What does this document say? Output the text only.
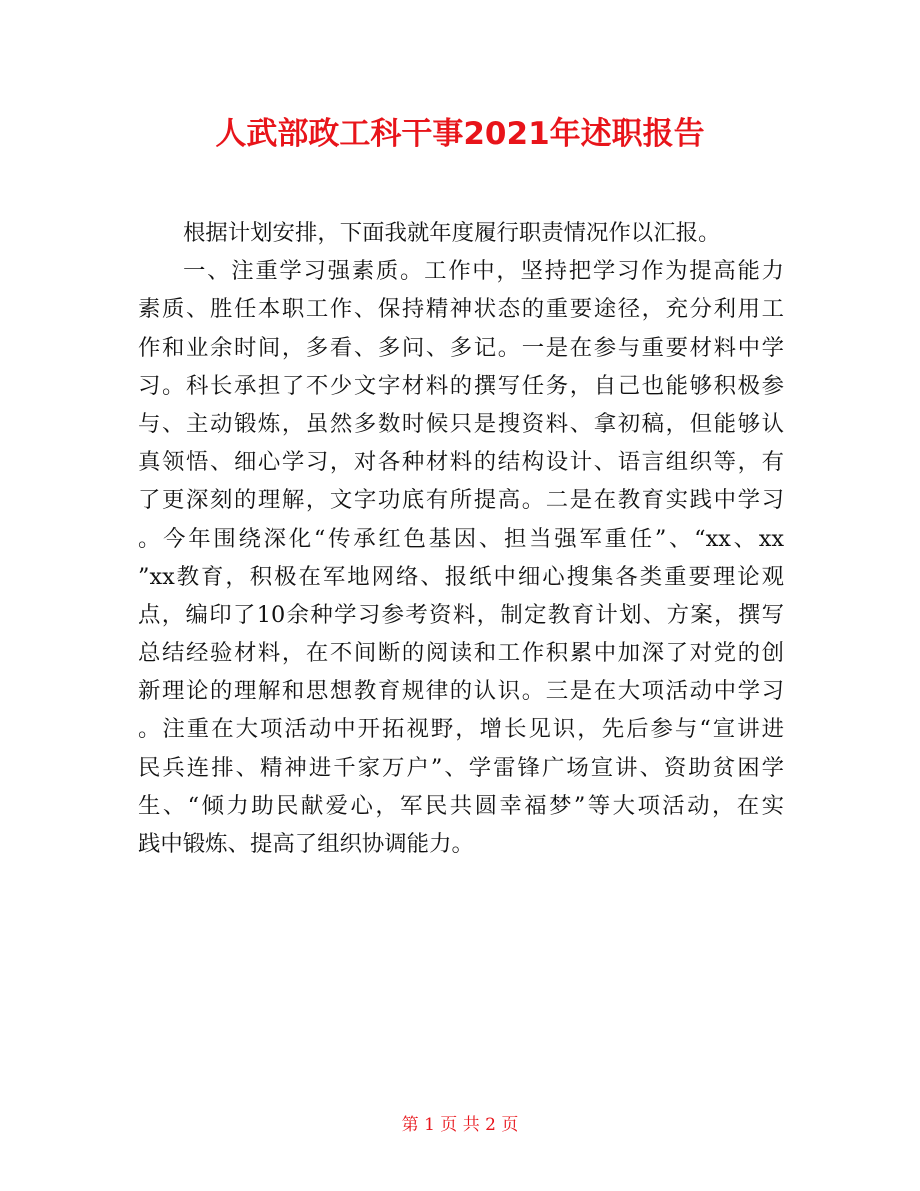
人武部政工科干事2021年述职报告
根据计划安排，下面我就年度履行职责情况作以汇报。
一、注重学习强素质。工作中，坚持把学习作为提高能力
素质、胜任本职工作、保持精神状态的重要途径，充分利用工
作和业余时间，多看、多问、多记。一是在参与重要材料中学
习。科长承担了不少文字材料的撰写任务，自己也能够积极参
与、主动锻炼，虽然多数时候只是搜资料、拿初稿，但能够认
真领悟、细心学习，对各种材料的结构设计、语言组织等，有
了更深刻的理解，文字功底有所提高。二是在教育实践中学习
。今年围绕深化“传承红色基因、担当强军重任”、“xx、xx
”xx教育，积极在军地网络、报纸中细心搜集各类重要理论观
点，编印了10余种学习参考资料，制定教育计划、方案，撰写
总结经验材料，在不间断的阅读和工作积累中加深了对党的创
新理论的理解和思想教育规律的认识。三是在大项活动中学习
。注重在大项活动中开拓视野，增长见识，先后参与“宣讲进
民兵连排、精神进千家万户”、学雷锋广场宣讲、资助贫困学
生、“倾力助民献爱心，军民共圆幸福梦”等大项活动，在实
践中锻炼、提高了组织协调能力。
第 1 页 共 2 页
